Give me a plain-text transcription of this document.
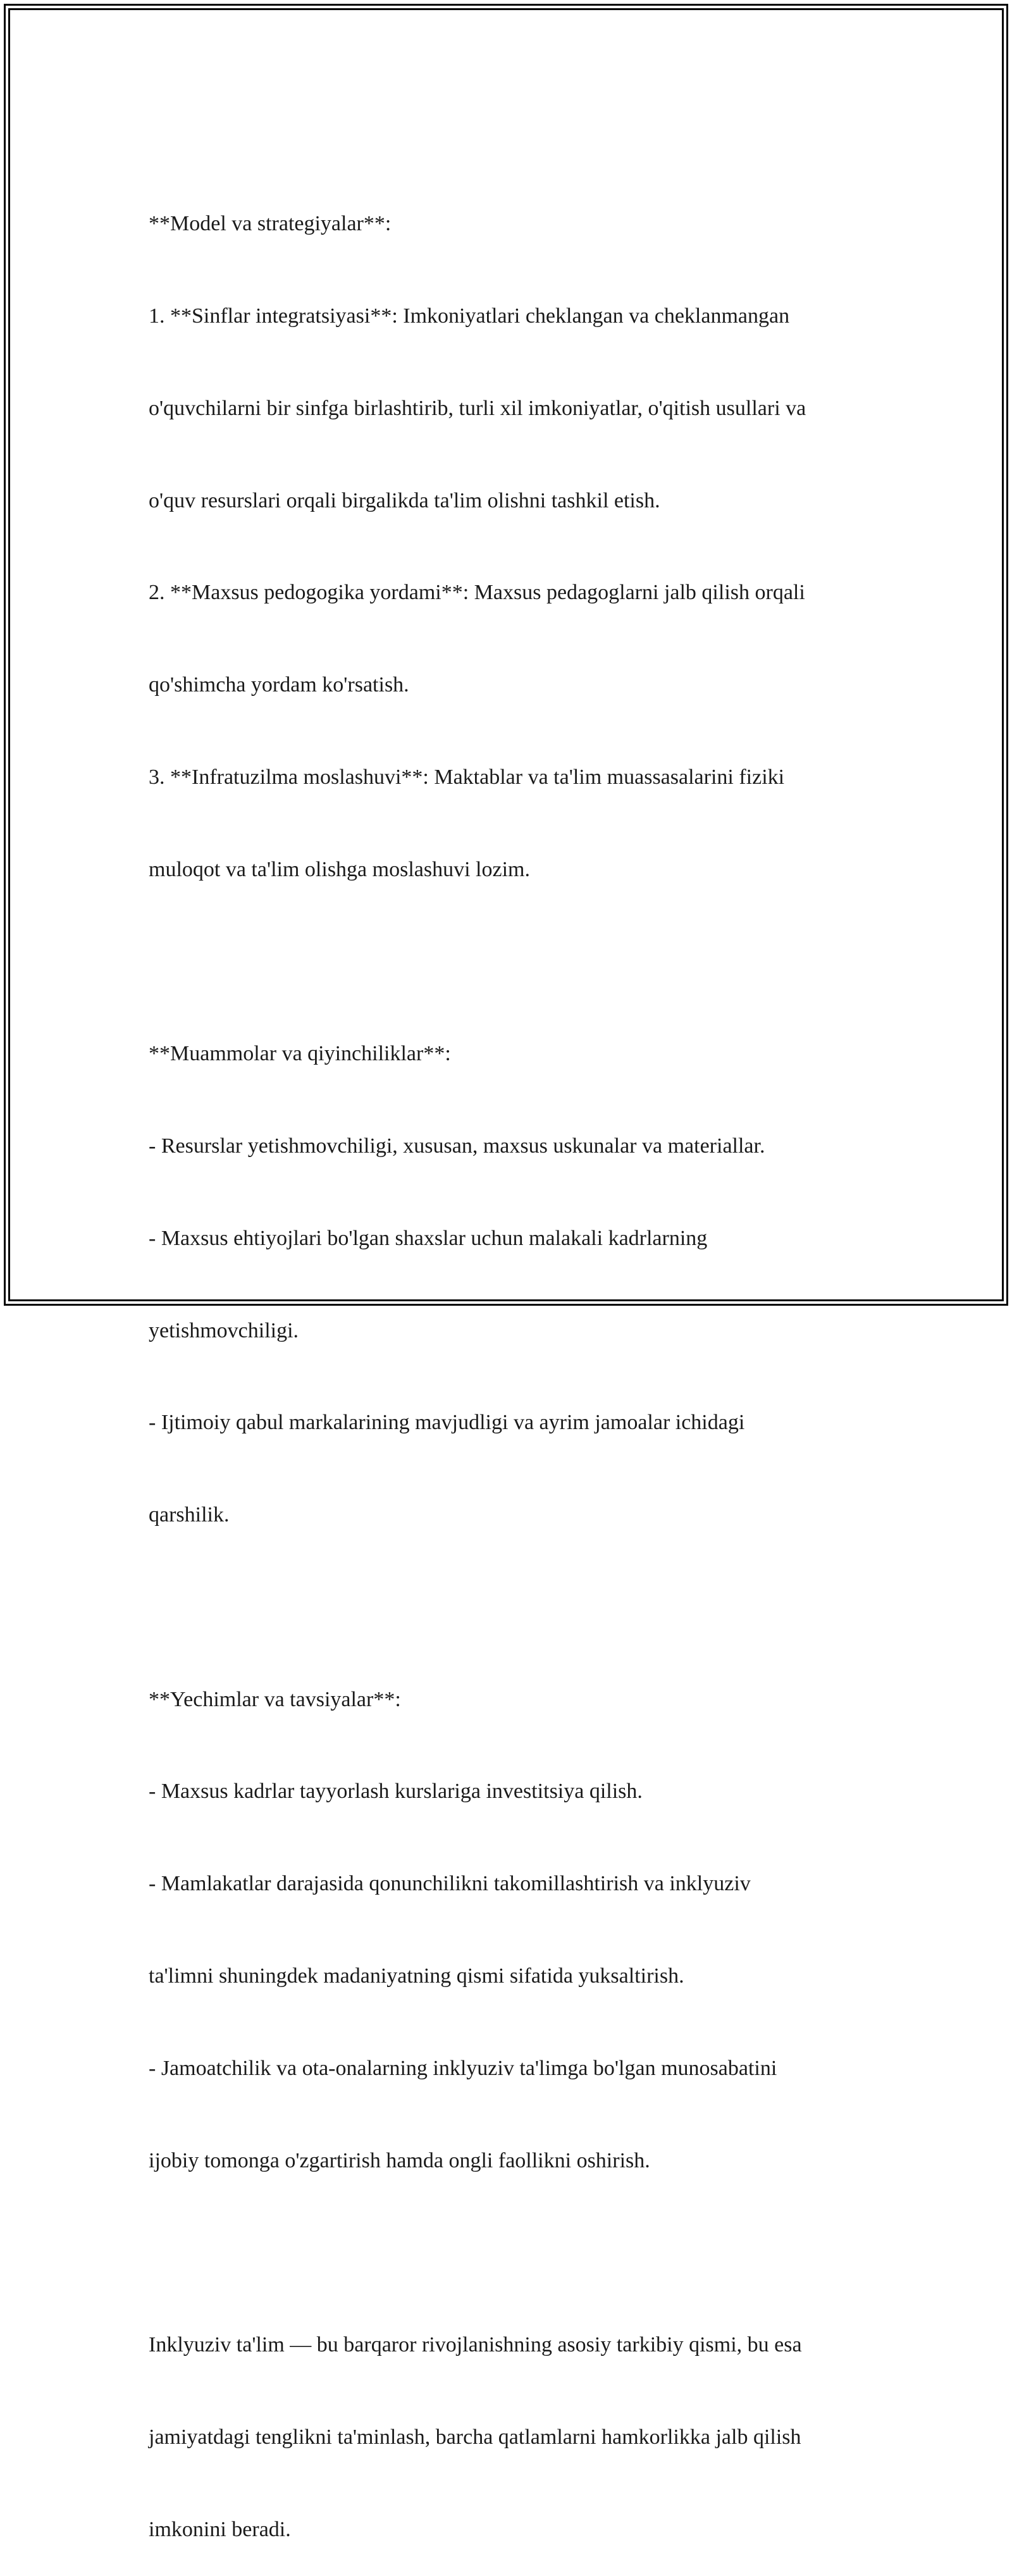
**Model va strategiyalar**:

1. **Sinflar integratsiyasi**: Imkoniyatlari cheklangan va cheklanmangan

o'quvchilarni bir sinfga birlashtirib, turli xil imkoniyatlar, o'qitish usullari va

o'quv resurslari orqali birgalikda ta'lim olishni tashkil etish.

2. **Maxsus pedogogika yordami**: Maxsus pedagoglarni jalb qilish orqali

qo'shimcha yordam ko'rsatish.

3. **Infratuzilma moslashuvi**: Maktablar va ta'lim muassasalarini fiziki

muloqot va ta'lim olishga moslashuvi lozim.

**Muammolar va qiyinchiliklar**:

- Resurslar yetishmovchiligi, xususan, maxsus uskunalar va materiallar.

- Maxsus ehtiyojlari bo'lgan shaxslar uchun malakali kadrlarning

yetishmovchiligi.

- Ijtimoiy qabul markalarining mavjudligi va ayrim jamoalar ichidagi

qarshilik.

**Yechimlar va tavsiyalar**:

- Maxsus kadrlar tayyorlash kurslariga investitsiya qilish.

- Mamlakatlar darajasida qonunchilikni takomillashtirish va inklyuziv

ta'limni shuningdek madaniyatning qismi sifatida yuksaltirish.

- Jamoatchilik va ota-onalarning inklyuziv ta'limga bo'lgan munosabatini

ijobiy tomonga o'zgartirish hamda ongli faollikni oshirish.

Inklyuziv ta'lim — bu barqaror rivojlanishning asosiy tarkibiy qismi, bu esa

jamiyatdagi tenglikni ta'minlash, barcha qatlamlarni hamkorlikka jalb qilish

imkonini beradi.
